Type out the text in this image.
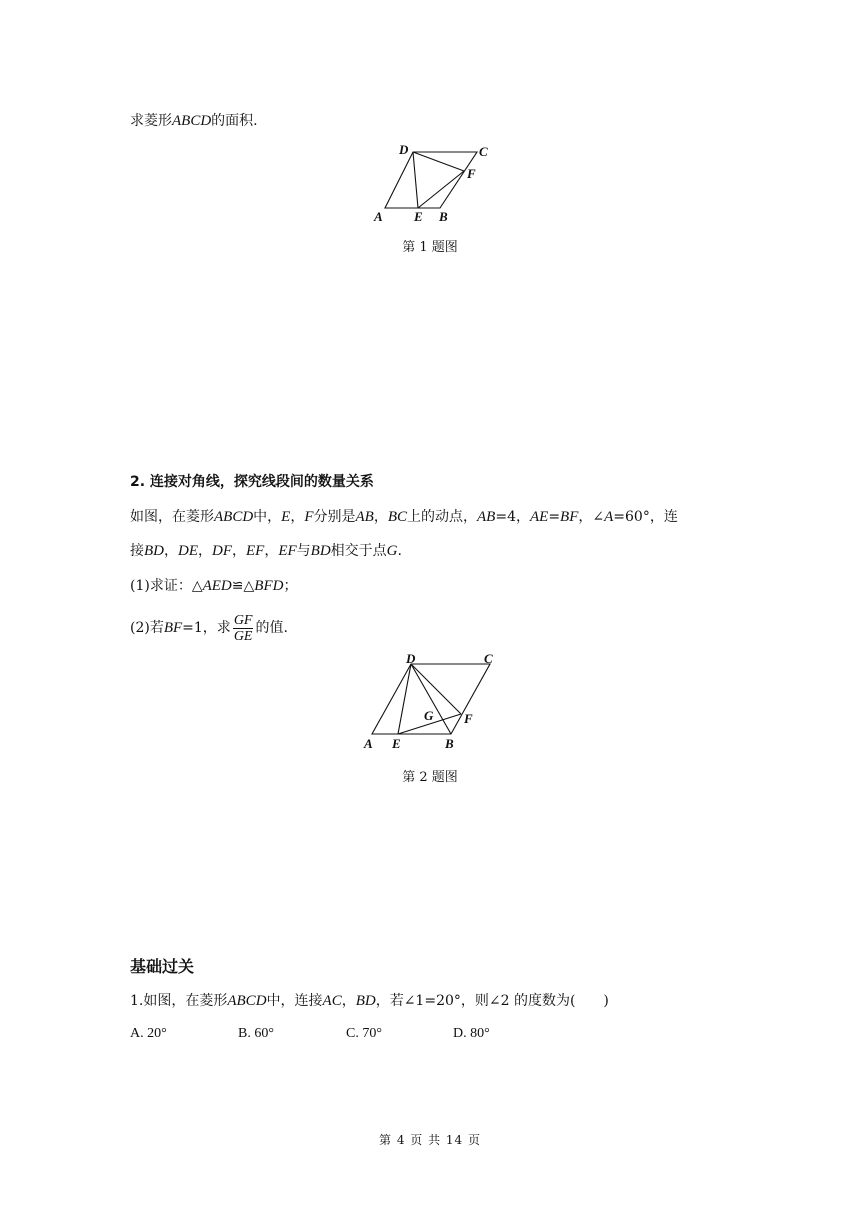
求菱形ABCD的面积.
A E B
D	C
F
第 1 题图
2. 连接对角线，探究线段间的数量关系
如图，在菱形ABCD中，E，F分别是AB，BC上的动点，AB=4，AE=BF，∠A=60°，连
接BD，DE，DF，EF，EF与BD相交于点G.
(1)求证：△AED≌△BFD；
(2)若BF=1，求 $\frac{GF}{GE}$ 的值.
A E	B
D	C
F
G
第 2 题图
基础过关
1.如图，在菱形ABCD中，连接AC，BD，若∠1=20°，则∠2 的度数为(　　)
A. 20°	B. 60°	C. 70°	D. 80°
第 4 页 共 14 页
